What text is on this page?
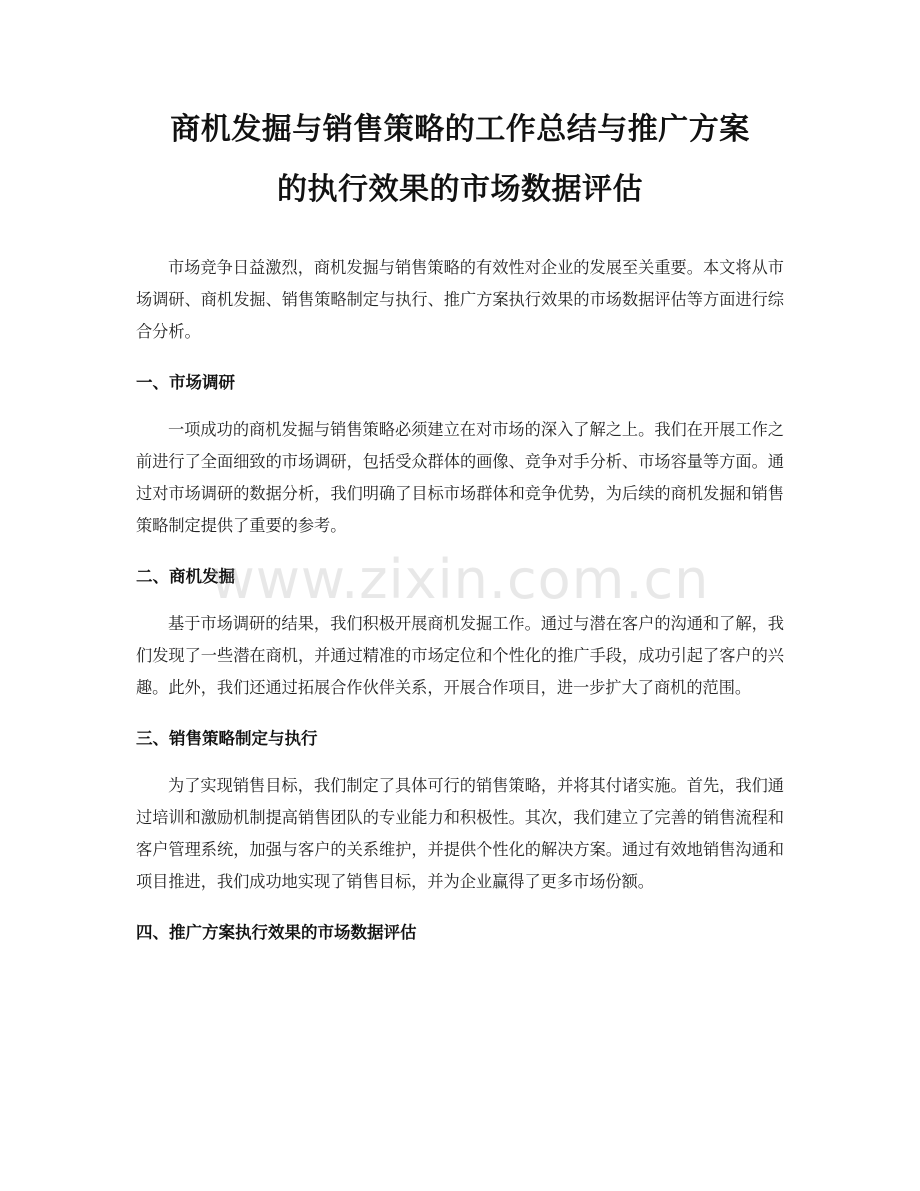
商机发掘与销售策略的工作总结与推广方案
的执行效果的市场数据评估

市场竞争日益激烈，商机发掘与销售策略的有效性对企业的发展至关重要。本文将从市场调研、商机发掘、销售策略制定与执行、推广方案执行效果的市场数据评估等方面进行综合分析。

一、市场调研

一项成功的商机发掘与销售策略必须建立在对市场的深入了解之上。我们在开展工作之前进行了全面细致的市场调研，包括受众群体的画像、竞争对手分析、市场容量等方面。通过对市场调研的数据分析，我们明确了目标市场群体和竞争优势，为后续的商机发掘和销售策略制定提供了重要的参考。

二、商机发掘

基于市场调研的结果，我们积极开展商机发掘工作。通过与潜在客户的沟通和了解，我们发现了一些潜在商机，并通过精准的市场定位和个性化的推广手段，成功引起了客户的兴趣。此外，我们还通过拓展合作伙伴关系，开展合作项目，进一步扩大了商机的范围。

三、销售策略制定与执行

为了实现销售目标，我们制定了具体可行的销售策略，并将其付诸实施。首先，我们通过培训和激励机制提高销售团队的专业能力和积极性。其次，我们建立了完善的销售流程和客户管理系统，加强与客户的关系维护，并提供个性化的解决方案。通过有效地销售沟通和项目推进，我们成功地实现了销售目标，并为企业赢得了更多市场份额。

四、推广方案执行效果的市场数据评估
www.zixin.com.cn
